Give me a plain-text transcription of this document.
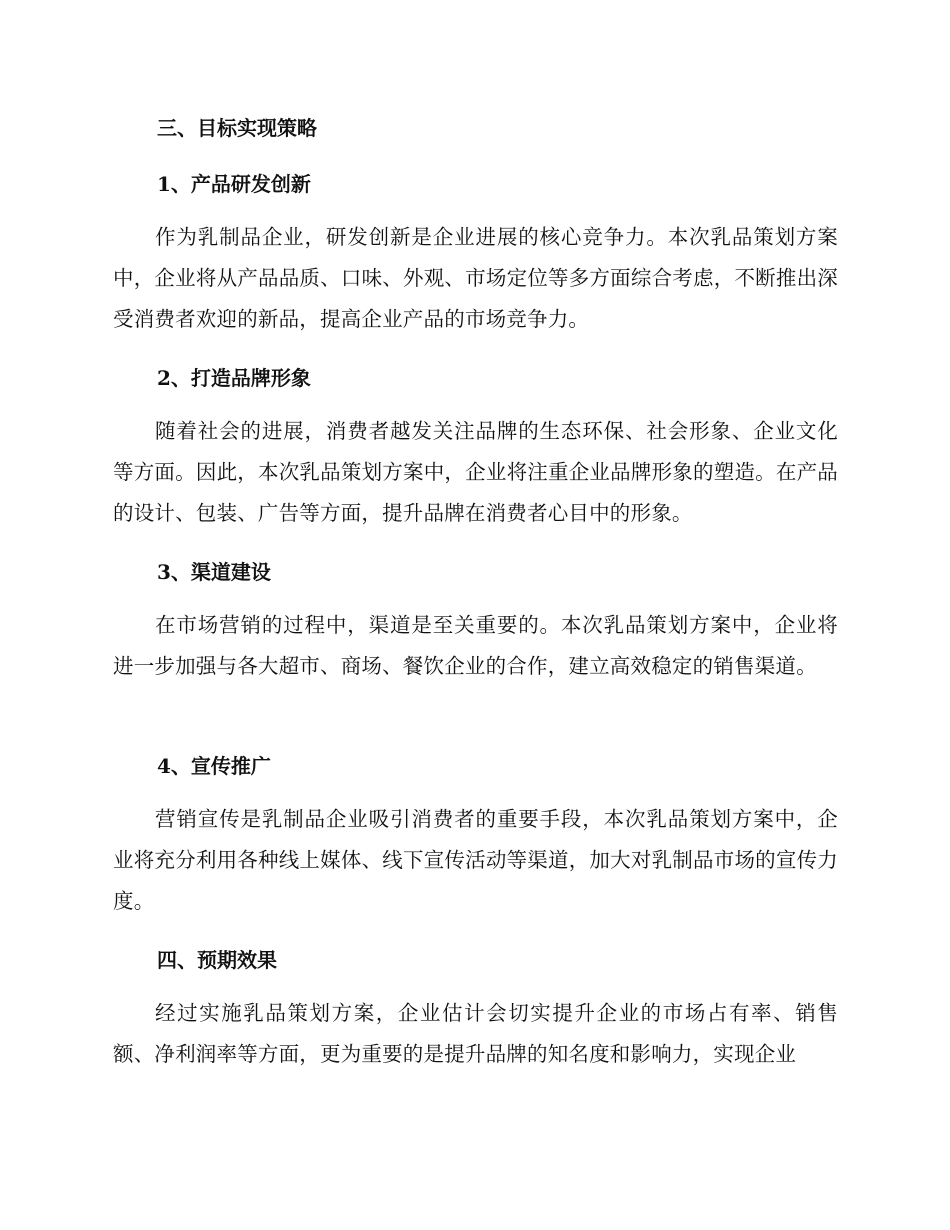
三、目标实现策略
1、产品研发创新
作为乳制品企业，研发创新是企业进展的核心竞争力。本次乳品策划方案中，企业将从产品品质、口味、外观、市场定位等多方面综合考虑，不断推出深受消费者欢迎的新品，提高企业产品的市场竞争力。
2、打造品牌形象
随着社会的进展，消费者越发关注品牌的生态环保、社会形象、企业文化等方面。因此，本次乳品策划方案中，企业将注重企业品牌形象的塑造。在产品的设计、包装、广告等方面，提升品牌在消费者心目中的形象。
3、渠道建设
在市场营销的过程中，渠道是至关重要的。本次乳品策划方案中，企业将进一步加强与各大超市、商场、餐饮企业的合作，建立高效稳定的销售渠道。
4、宣传推广
营销宣传是乳制品企业吸引消费者的重要手段，本次乳品策划方案中，企业将充分利用各种线上媒体、线下宣传活动等渠道，加大对乳制品市场的宣传力度。
四、预期效果
经过实施乳品策划方案，企业估计会切实提升企业的市场占有率、销售额、净利润率等方面，更为重要的是提升品牌的知名度和影响力，实现企业
